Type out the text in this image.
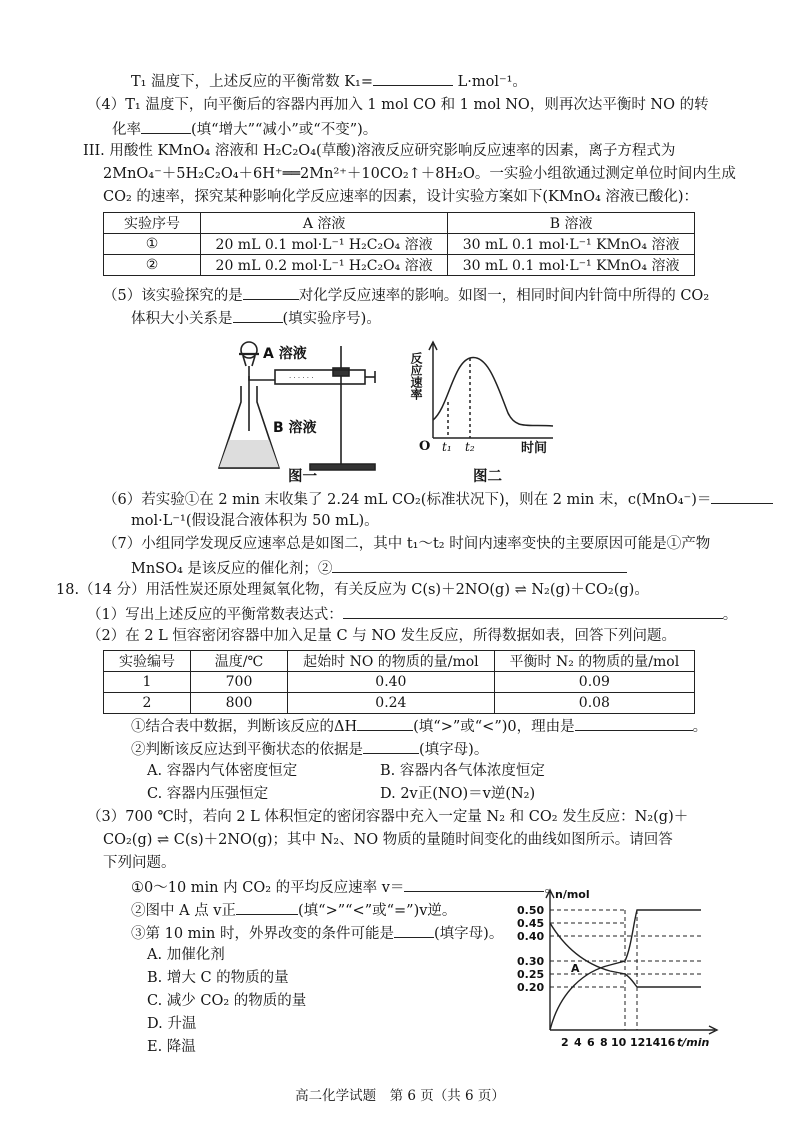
T₁ 温度下，上述反应的平衡常数 K₁=	L·mol⁻¹。
（4）T₁ 温度下，向平衡后的容器内再加入 1 mol CO 和 1 mol NO，则再次达平衡时 NO 的转
化率	(填“增大”“减小”或“不变”)。
III. 用酸性 KMnO₄ 溶液和 H₂C₂O₄(草酸)溶液反应研究影响反应速率的因素，离子方程式为
2MnO₄⁻＋5H₂C₂O₄＋6H⁺══2Mn²⁺＋10CO₂↑＋8H₂O。一实验小组欲通过测定单位时间内生成
CO₂ 的速率，探究某种影响化学反应速率的因素，设计实验方案如下(KMnO₄ 溶液已酸化)：
实验序号	A 溶液	B 溶液
①	20 mL 0.1 mol·L⁻¹ H₂C₂O₄ 溶液	30 mL 0.1 mol·L⁻¹ KMnO₄ 溶液
②	20 mL 0.2 mol·L⁻¹ H₂C₂O₄ 溶液	30 mL 0.1 mol·L⁻¹ KMnO₄ 溶液
（5）该实验探究的是	对化学反应速率的影响。如图一，相同时间内针筒中所得的 CO₂
体积大小关系是	(填实验序号)。
· · · · · ·
A 溶液
B 溶液
图一
反应速率
O t₁ t₂	时间
图二
（6）若实验①在 2 min 末收集了 2.24 mL CO₂(标准状况下)，则在 2 min 末，c(MnO₄⁻)＝
mol·L⁻¹(假设混合液体积为 50 mL)。
（7）小组同学发现反应速率总是如图二，其中 t₁～t₂ 时间内速率变快的主要原因可能是①产物
MnSO₄ 是该反应的催化剂；②
18.（14 分）用活性炭还原处理氮氧化物，有关反应为 C(s)＋2NO(g) ⇌ N₂(g)＋CO₂(g)。
（1）写出上述反应的平衡常数表达式：	。
（2）在 2 L 恒容密闭容器中加入足量 C 与 NO 发生反应，所得数据如表，回答下列问题。
实验编号	温度/℃	起始时 NO 的物质的量/mol	平衡时 N₂ 的物质的量/mol
1	700	0.40	0.09
2	800	0.24	0.08
①结合表中数据，判断该反应的ΔH	(填“>”或“<”)0，理由是	。
②判断该反应达到平衡状态的依据是	(填字母)。
A. 容器内气体密度恒定	B. 容器内各气体浓度恒定
C. 容器内压强恒定	D. 2v正(NO)＝v逆(N₂)
（3）700 ℃时，若向 2 L 体积恒定的密闭容器中充入一定量 N₂ 和 CO₂ 发生反应：N₂(g)＋
CO₂(g) ⇌ C(s)＋2NO(g)；其中 N₂、NO 物质的量随时间变化的曲线如图所示。请回答
下列问题。
①0～10 min 内 CO₂ 的平均反应速率 v＝	。
②图中 A 点 v正	(填“>”“<”或“=”)v逆。
③第 10 min 时，外界改变的条件可能是	(填字母)。
A. 加催化剂
B. 增大 C 的物质的量
C. 减少 CO₂ 的物质的量
D. 升温
E. 降温
n/mol
0.50
0.45
0.40
0.30
0.25
0.20
A
2 4 6 8 10 12 14 16 t/min
高二化学试题　第 6 页（共 6 页）
